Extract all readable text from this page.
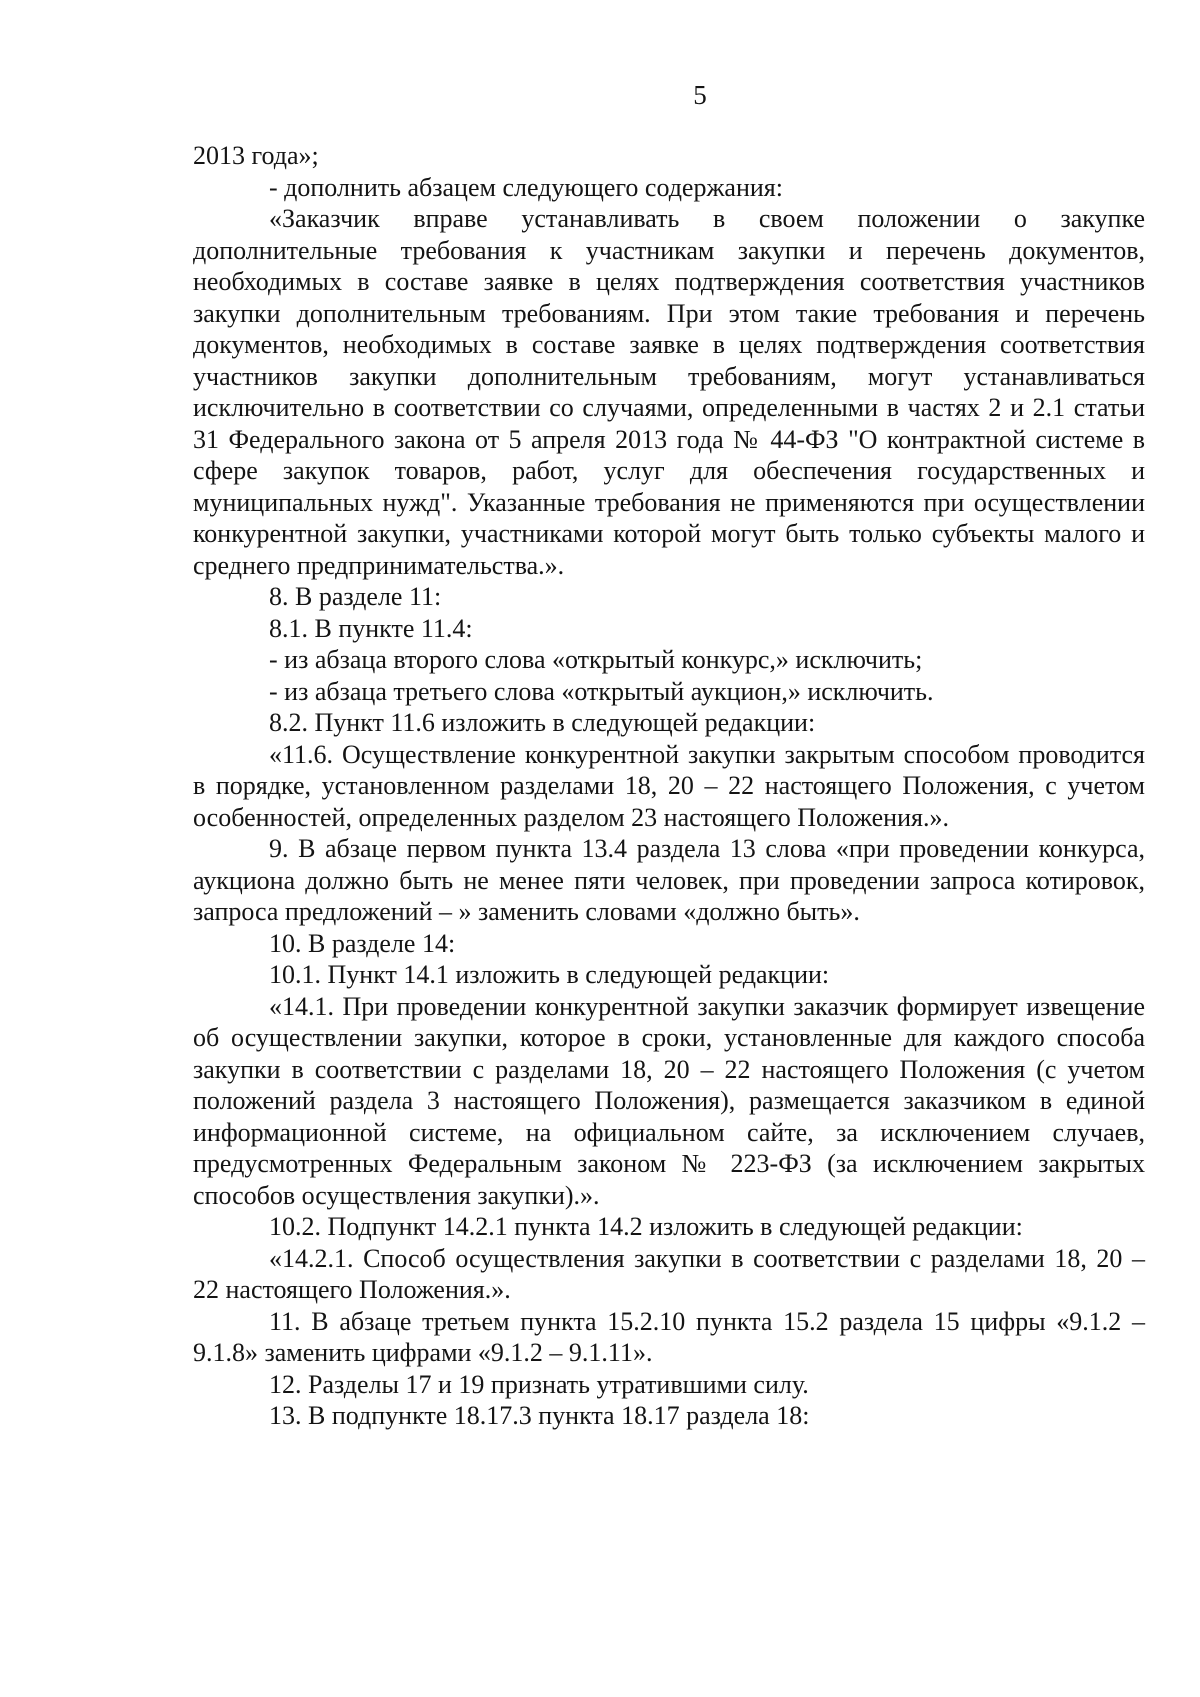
5

2013 года»;

- дополнить абзацем следующего содержания:

«Заказчик вправе устанавливать в своем положении о закупке дополнительные требования к участникам закупки и перечень документов, необходимых в составе заявке в целях подтверждения соответствия участников закупки дополнительным требованиям. При этом такие требования и перечень документов, необходимых в составе заявке в целях подтверждения соответствия участников закупки дополнительным требованиям, могут устанавливаться исключительно в соответствии со случаями, определенными в частях 2 и 2.1 статьи 31 Федерального закона от 5 апреля 2013 года № 44-ФЗ "О контрактной системе в сфере закупок товаров, работ, услуг для обеспечения государственных и муниципальных нужд". Указанные требования не применяются при осуществлении конкурентной закупки, участниками которой могут быть только субъекты малого и среднего предпринимательства.».

8. В разделе 11:

8.1. В пункте 11.4:

- из абзаца второго слова «открытый конкурс,» исключить;

- из абзаца третьего слова «открытый аукцион,» исключить.

8.2. Пункт 11.6 изложить в следующей редакции:

«11.6. Осуществление конкурентной закупки закрытым способом проводится в порядке, установленном разделами 18, 20 – 22 настоящего Положения, с учетом особенностей, определенных разделом 23 настоящего Положения.».

9. В абзаце первом пункта 13.4 раздела 13 слова «при проведении конкурса, аукциона должно быть не менее пяти человек, при проведении запроса котировок, запроса предложений – » заменить словами «должно быть».

10. В разделе 14:

10.1. Пункт 14.1 изложить в следующей редакции:

«14.1. При проведении конкурентной закупки заказчик формирует извещение об осуществлении закупки, которое в сроки, установленные для каждого способа закупки в соответствии с разделами 18, 20 – 22 настоящего Положения (с учетом положений раздела 3 настоящего Положения), размещается заказчиком в единой информационной системе, на официальном сайте, за исключением случаев, предусмотренных Федеральным законом № 223-ФЗ (за исключением закрытых способов осуществления закупки).».

10.2. Подпункт 14.2.1 пункта 14.2 изложить в следующей редакции:

«14.2.1. Способ осуществления закупки в соответствии с разделами 18, 20 – 22 настоящего Положения.».

11. В абзаце третьем пункта 15.2.10 пункта 15.2 раздела 15 цифры «9.1.2 – 9.1.8» заменить цифрами «9.1.2 – 9.1.11».

12. Разделы 17 и 19 признать утратившими силу.

13. В подпункте 18.17.3 пункта 18.17 раздела 18:
